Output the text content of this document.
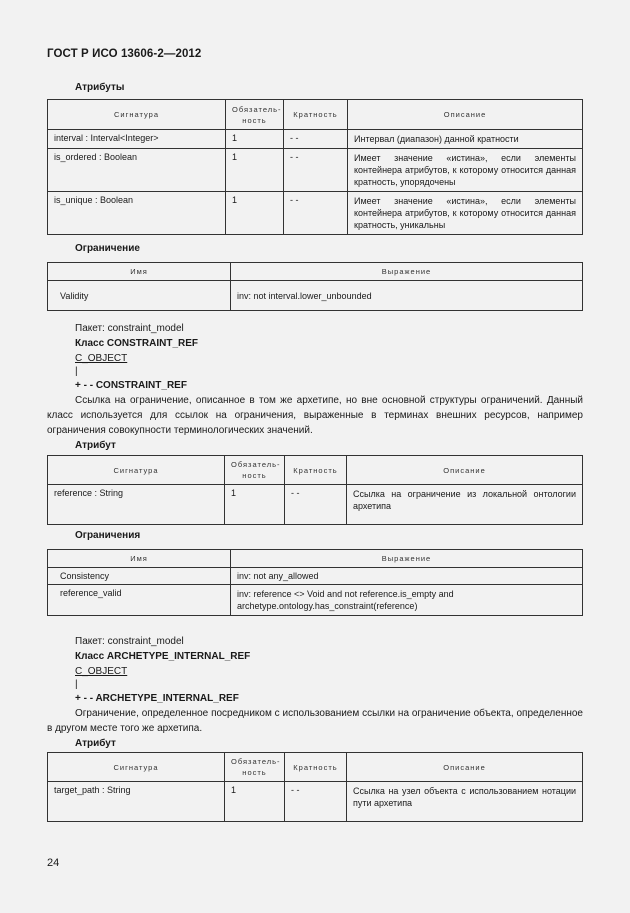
ГОСТ Р ИСО 13606-2—2012
Атрибуты
Сигнатура	Обязатель-ность	Кратность	Описание
interval : Interval<Integer>	1	- -	Интервал (диапазон) данной кратности
is_ordered : Boolean	1	- -	Имеет значение «истина», если элементы контейнера атрибутов, к которому относится данная кратность, упорядочены
is_unique : Boolean	1	- -	Имеет значение «истина», если элементы контейнера атрибутов, к которому относится данная кратность, уникальны
Ограничение
Имя	Выражение
Validity	inv: not interval.lower_unbounded
Пакет: constraint_model
Класс CONSTRAINT_REF
C_OBJECT
|
+ - - CONSTRAINT_REF
Ссылка на ограничение, описанное в том же архетипе, но вне основной структуры ограничений. Данный класс используется для ссылок на ограничения, выраженные в терминах внешних ресурсов, например ограничения совокупности терминологических значений.
Атрибут
Сигнатура	Обязатель-ность	Кратность	Описание
reference : String	1	- -	Ссылка на ограничение из локальной онтологии архетипа
Ограничения
Имя	Выражение
Consistency	inv: not any_allowed
reference_valid	inv: reference <> Void and not reference.is_empty and archetype.ontology.has_constraint(reference)
Пакет: constraint_model
Класс ARCHETYPE_INTERNAL_REF
C_OBJECT
|
+ - - ARCHETYPE_INTERNAL_REF
Ограничение, определенное посредником с использованием ссылки на ограничение объекта, определенное в другом месте того же архетипа.
Атрибут
Сигнатура	Обязатель-ность	Кратность	Описание
target_path : String	1	- -	Ссылка на узел объекта с использованием нотации пути архетипа
24
